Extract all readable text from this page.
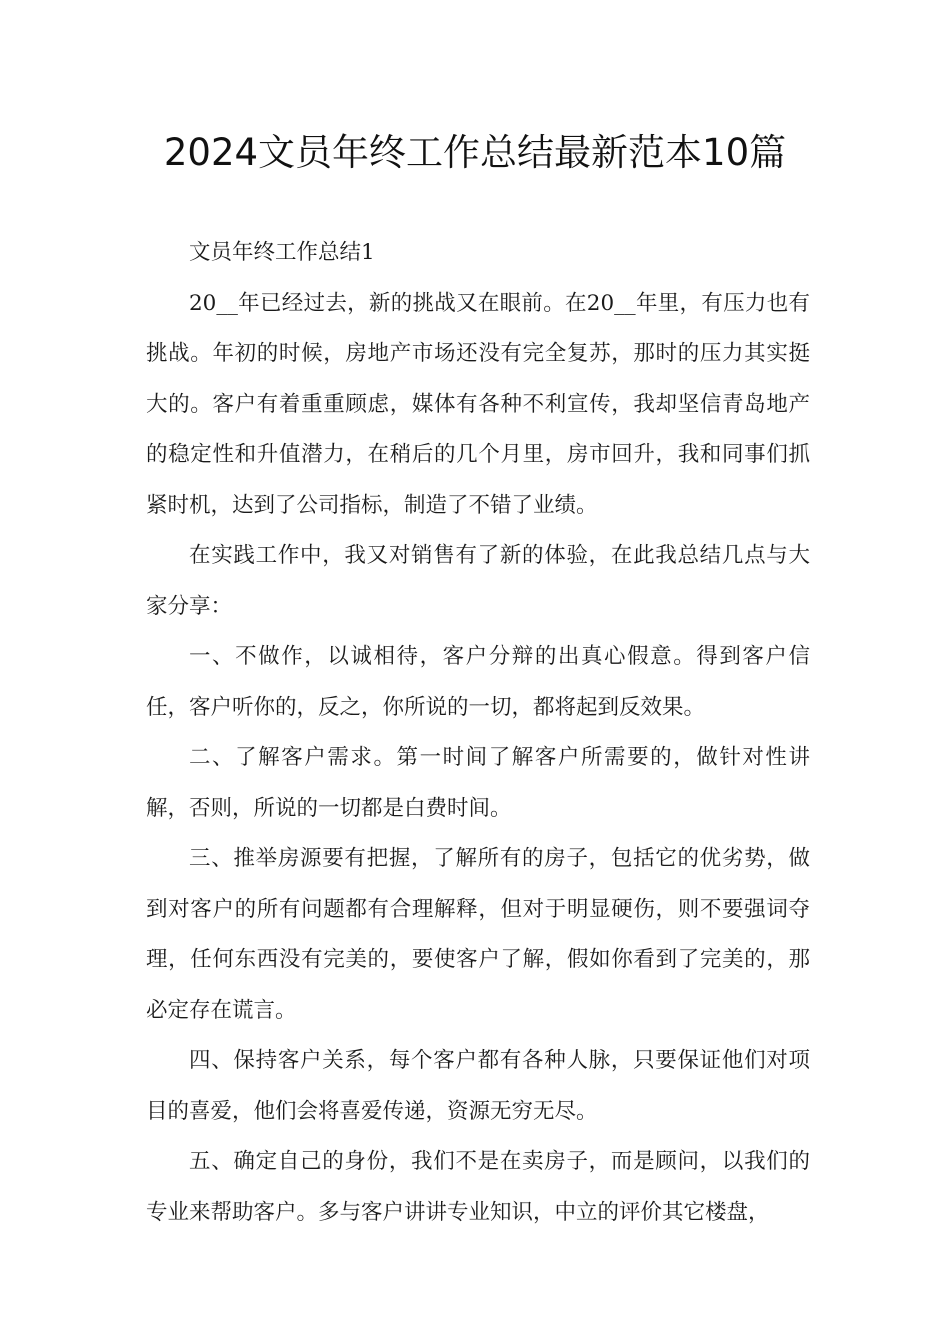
2024文员年终工作总结最新范本10篇

文员年终工作总结1

20__年已经过去，新的挑战又在眼前。在20__年里，有压力也有挑战。年初的时候，房地产市场还没有完全复苏，那时的压力其实挺大的。客户有着重重顾虑，媒体有各种不利宣传，我却坚信青岛地产的稳定性和升值潜力，在稍后的几个月里，房市回升，我和同事们抓紧时机，达到了公司指标，制造了不错了业绩。

在实践工作中，我又对销售有了新的体验，在此我总结几点与大家分享：

一、不做作，以诚相待，客户分辩的出真心假意。得到客户信任，客户听你的，反之，你所说的一切，都将起到反效果。

二、了解客户需求。第一时间了解客户所需要的，做针对性讲解，否则，所说的一切都是白费时间。

三、推举房源要有把握，了解所有的房子，包括它的优劣势，做到对客户的所有问题都有合理解释，但对于明显硬伤，则不要强词夺理，任何东西没有完美的，要使客户了解，假如你看到了完美的，那必定存在谎言。

四、保持客户关系，每个客户都有各种人脉，只要保证他们对项目的喜爱，他们会将喜爱传递，资源无穷无尽。

五、确定自己的身份，我们不是在卖房子，而是顾问，以我们的专业来帮助客户。多与客户讲讲专业知识，中立的评价其它楼盘，
